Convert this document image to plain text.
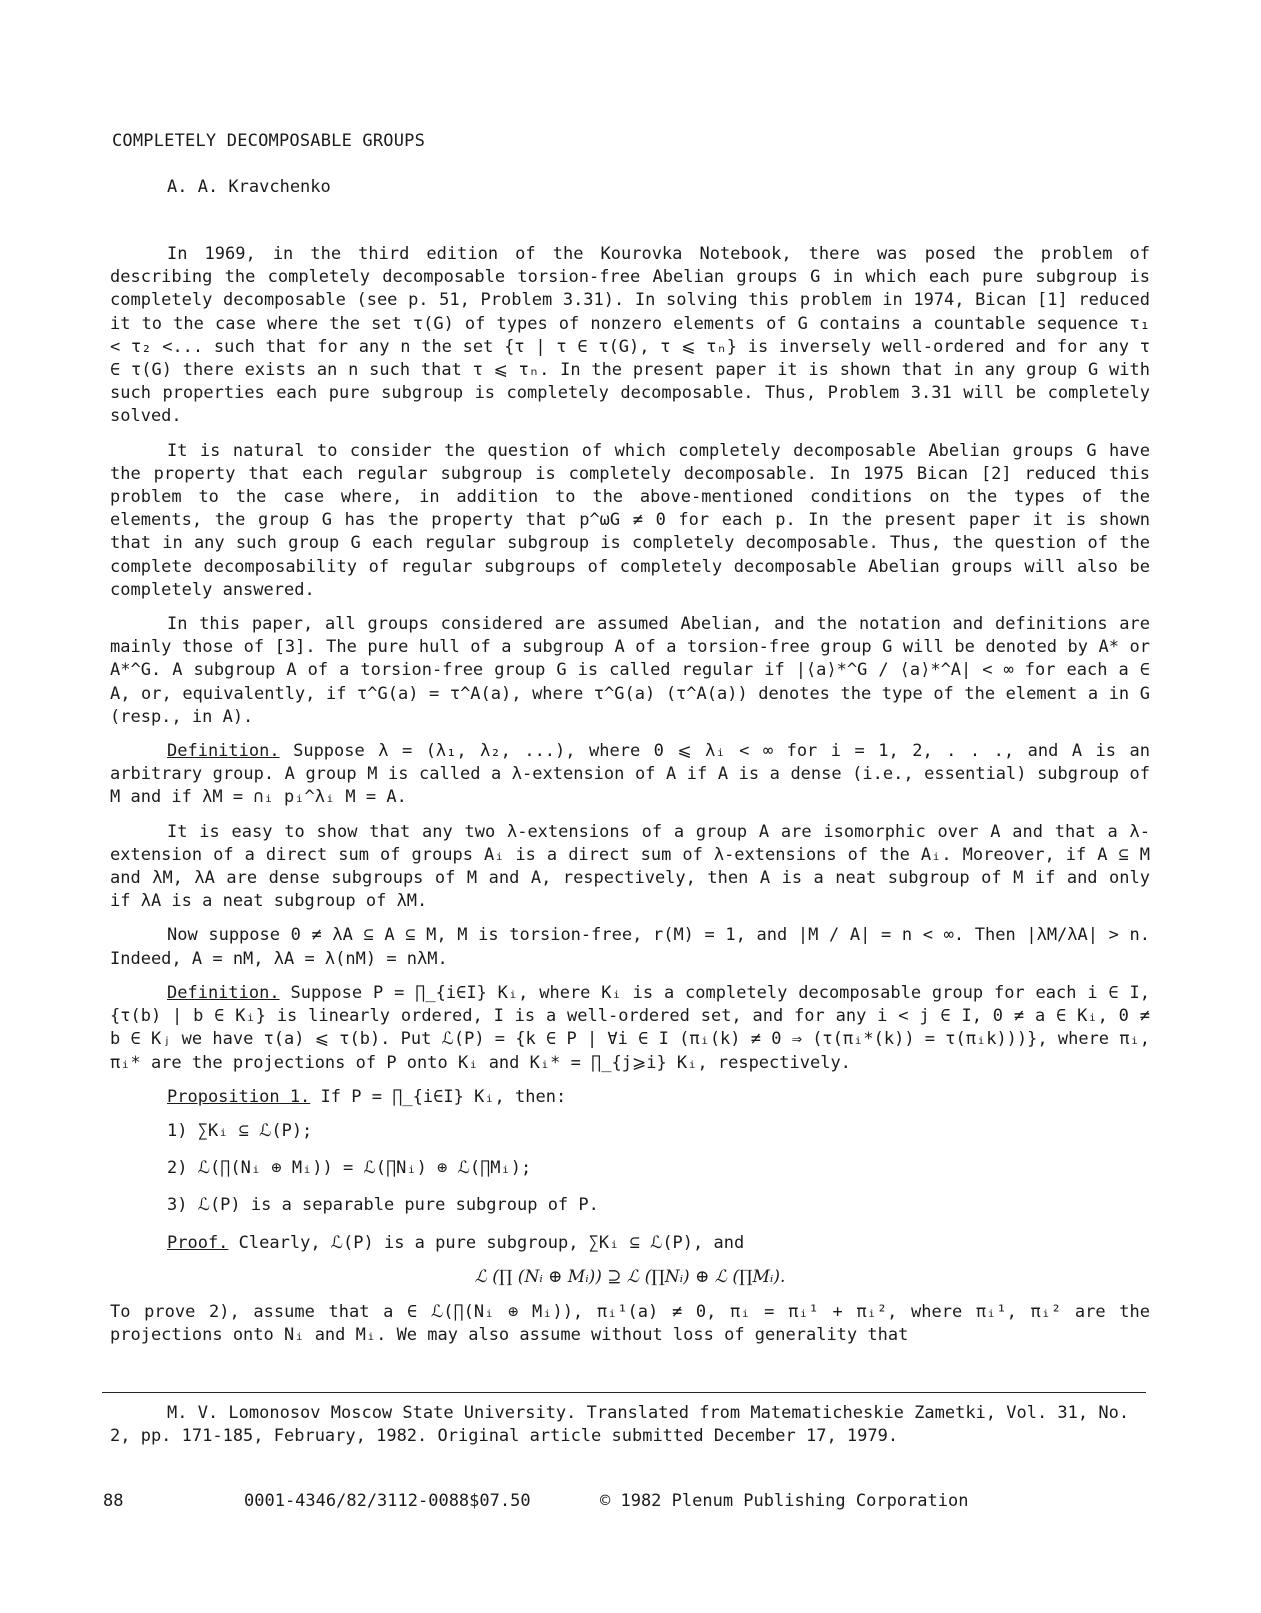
COMPLETELY DECOMPOSABLE GROUPS
A. A. Kravchenko

In 1969, in the third edition of the Kourovka Notebook, there was posed the problem of describing the completely decomposable torsion-free Abelian groups G in which each pure subgroup is completely decomposable (see p. 51, Problem 3.31). In solving this problem in 1974, Bican [1] reduced it to the case where the set τ(G) of types of nonzero elements of G contains a countable sequence τ₁ < τ₂ <... such that for any n the set {τ | τ ∈ τ(G), τ ⩽ τₙ} is inversely well-ordered and for any τ ∈ τ(G) there exists an n such that τ ⩽ τₙ. In the present paper it is shown that in any group G with such properties each pure subgroup is completely decomposable. Thus, Problem 3.31 will be completely solved.

It is natural to consider the question of which completely decomposable Abelian groups G have the property that each regular subgroup is completely decomposable. In 1975 Bican [2] reduced this problem to the case where, in addition to the above-mentioned conditions on the types of the elements, the group G has the property that p^ωG ≠ 0 for each p. In the present paper it is shown that in any such group G each regular subgroup is completely decomposable. Thus, the question of the complete decomposability of regular subgroups of completely decomposable Abelian groups will also be completely answered.

In this paper, all groups considered are assumed Abelian, and the notation and definitions are mainly those of [3]. The pure hull of a subgroup A of a torsion-free group G will be denoted by A* or A*^G. A subgroup A of a torsion-free group G is called regular if |⟨a⟩*^G / ⟨a⟩*^A| < ∞ for each a ∈ A, or, equivalently, if τ^G(a) = τ^A(a), where τ^G(a) (τ^A(a)) denotes the type of the element a in G (resp., in A).

Definition. Suppose λ = (λ₁, λ₂, ...), where 0 ⩽ λᵢ < ∞ for i = 1, 2, . . ., and A is an arbitrary group. A group M is called a λ-extension of A if A is a dense (i.e., essential) subgroup of M and if λM = ∩ᵢ pᵢ^λᵢ M = A.

It is easy to show that any two λ-extensions of a group A are isomorphic over A and that a λ-extension of a direct sum of groups Aᵢ is a direct sum of λ-extensions of the Aᵢ. Moreover, if A ⊆ M and λM, λA are dense subgroups of M and A, respectively, then A is a neat subgroup of M if and only if λA is a neat subgroup of λM.

Now suppose 0 ≠ λA ⊆ A ⊆ M, M is torsion-free, r(M) = 1, and |M / A| = n < ∞. Then |λM/λA| > n. Indeed, A = nM, λA = λ(nM) = nλM.

Definition. Suppose P = ∏_{i∈I} Kᵢ, where Kᵢ is a completely decomposable group for each i ∈ I, {τ(b) | b ∈ Kᵢ} is linearly ordered, I is a well-ordered set, and for any i < j ∈ I, 0 ≠ a ∈ Kᵢ, 0 ≠ b ∈ Kⱼ we have τ(a) ⩽ τ(b). Put ℒ(P) = {k ∈ P | ∀i ∈ I (πᵢ(k) ≠ 0 ⇒ (τ(πᵢ*(k)) = τ(πᵢk)))}, where πᵢ, πᵢ* are the projections of P onto Kᵢ and Kᵢ* = ∏_{j⩾i} Kᵢ, respectively.

Proposition 1. If P = ∏_{i∈I} Kᵢ, then:

1) ∑Kᵢ ⊆ ℒ(P);
2) ℒ(∏(Nᵢ ⊕ Mᵢ)) = ℒ(∏Nᵢ) ⊕ ℒ(∏Mᵢ);
3) ℒ(P) is a separable pure subgroup of P.

Proof. Clearly, ℒ(P) is a pure subgroup, ∑Kᵢ ⊆ ℒ(P), and

ℒ (∏ (Nᵢ ⊕ Mᵢ)) ⊇ ℒ (∏Nᵢ) ⊕ ℒ (∏Mᵢ).

To prove 2), assume that a ∈ ℒ(∏(Nᵢ ⊕ Mᵢ)), πᵢ¹(a) ≠ 0, πᵢ = πᵢ¹ + πᵢ², where πᵢ¹, πᵢ² are the projections onto Nᵢ and Mᵢ. We may also assume without loss of generality that

M. V. Lomonosov Moscow State University. Translated from Matematicheskie Zametki, Vol. 31, No. 2, pp. 171-185, February, 1982. Original article submitted December 17, 1979.
88	0001-4346/82/3112-0088$07.50	© 1982 Plenum Publishing Corporation
